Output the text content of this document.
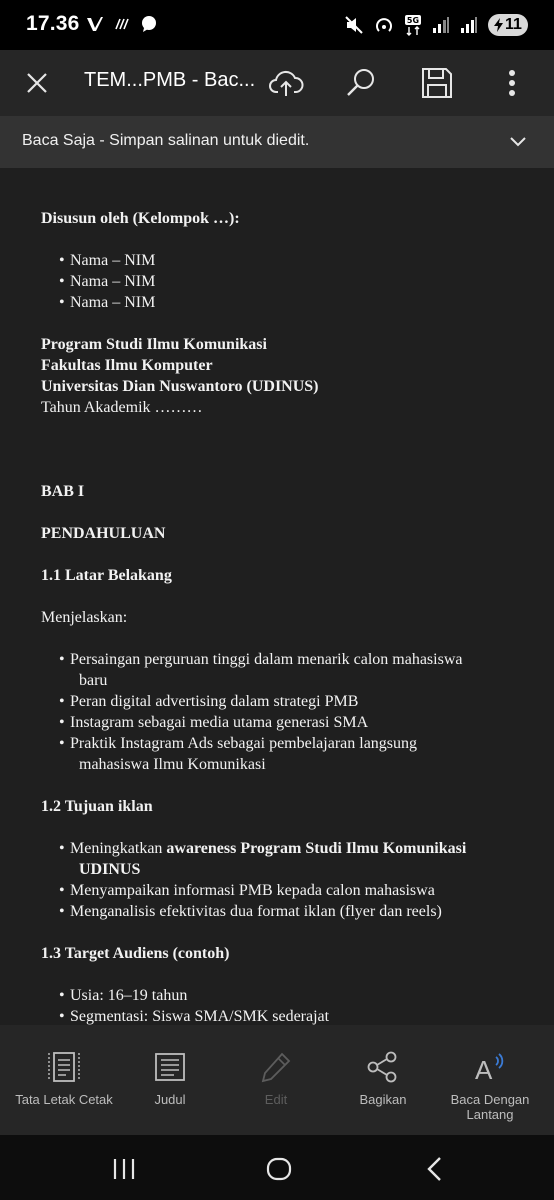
17.36	5G	11
TEM...PMB - Bac...
Baca Saja - Simpan salinan untuk diedit.
Disusun oleh (Kelompok …):
• Nama – NIM
• Nama – NIM
• Nama – NIM
Program Studi Ilmu Komunikasi
Fakultas Ilmu Komputer
Universitas Dian Nuswantoro (UDINUS)
Tahun Akademik ………
BAB I
PENDAHULUAN
1.1 Latar Belakang
Menjelaskan:
• Persaingan perguruan tinggi dalam menarik calon mahasiswa
baru
• Peran digital advertising dalam strategi PMB
• Instagram sebagai media utama generasi SMA
• Praktik Instagram Ads sebagai pembelajaran langsung
mahasiswa Ilmu Komunikasi
1.2 Tujuan iklan
• Meningkatkan awareness Program Studi Ilmu Komunikasi
UDINUS
• Menyampaikan informasi PMB kepada calon mahasiswa
• Menganalisis efektivitas dua format iklan (flyer dan reels)
1.3 Target Audiens (contoh)
• Usia: 16–19 tahun
• Segmentasi: Siswa SMA/SMK sederajat
Tata Letak Cetak	Judul	Edit	Bagikan
A
Baca Dengan Lantang
